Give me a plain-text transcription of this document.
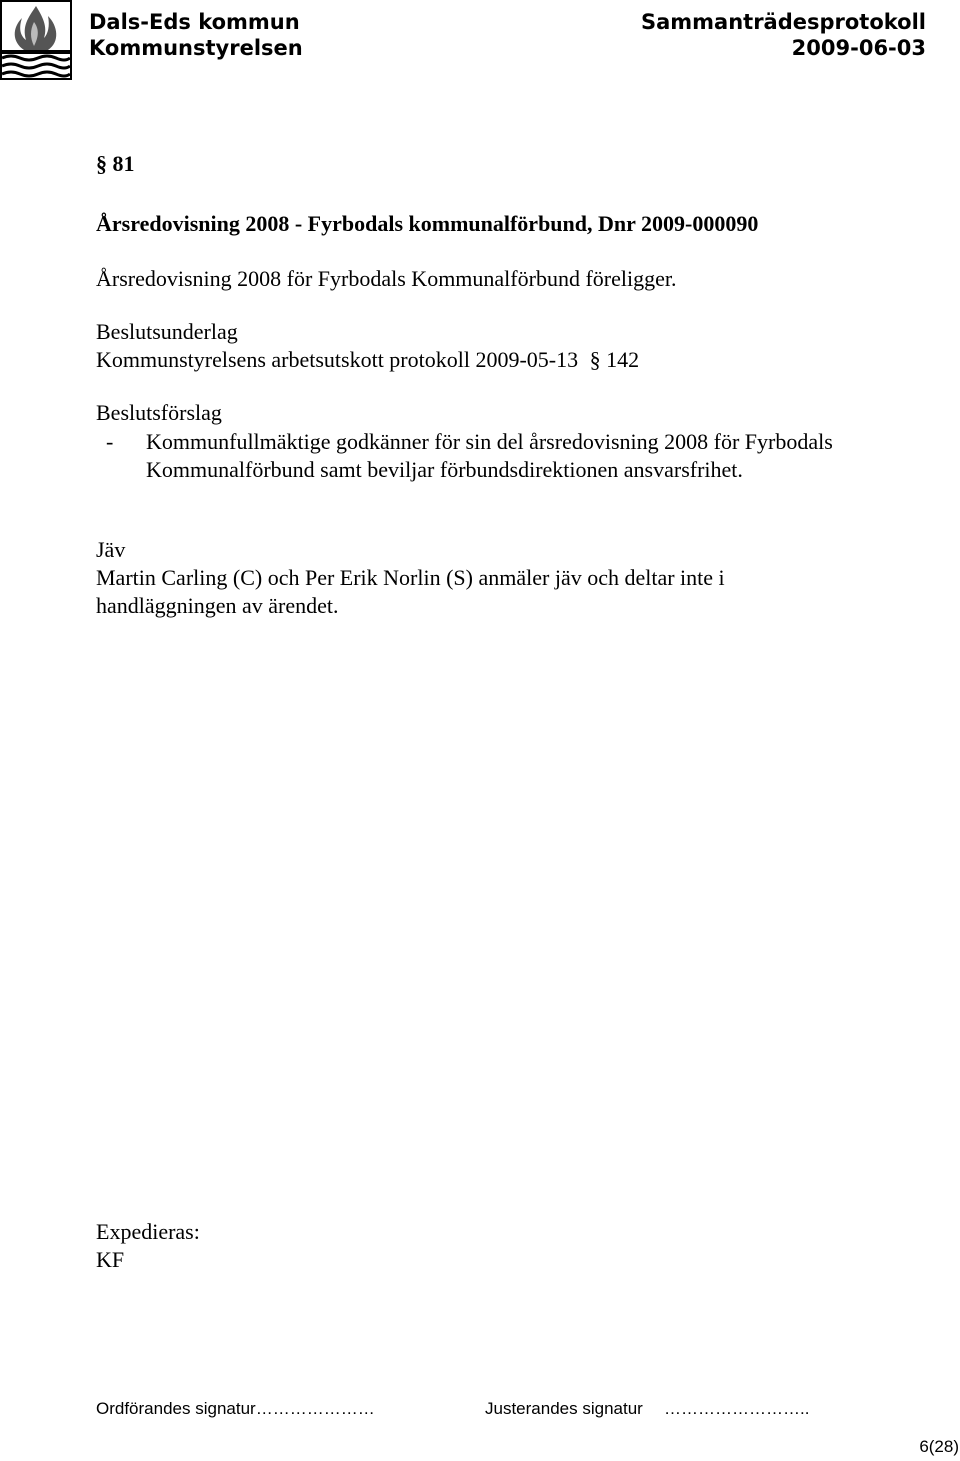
Dals-Eds kommun
Kommunstyrelsen
Sammanträdesprotokoll
2009-06-03
§ 81
Årsredovisning 2008 - Fyrbodals kommunalförbund, Dnr 2009-000090
Årsredovisning 2008 för Fyrbodals Kommunalförbund föreligger.
Beslutsunderlag
Kommunstyrelsens arbetsutskott protokoll 2009-05-13 § 142
Beslutsförslag
- Kommunfullmäktige godkänner för sin del årsredovisning 2008 för Fyrbodals
Kommunalförbund samt beviljar förbundsdirektionen ansvarsfrihet.
Jäv
Martin Carling (C) och Per Erik Norlin (S) anmäler jäv och deltar inte i
handläggningen av ärendet.
Expedieras:
KF
Ordförandes signatur…………………	Justerandes signatur ……………………..
6(28)
